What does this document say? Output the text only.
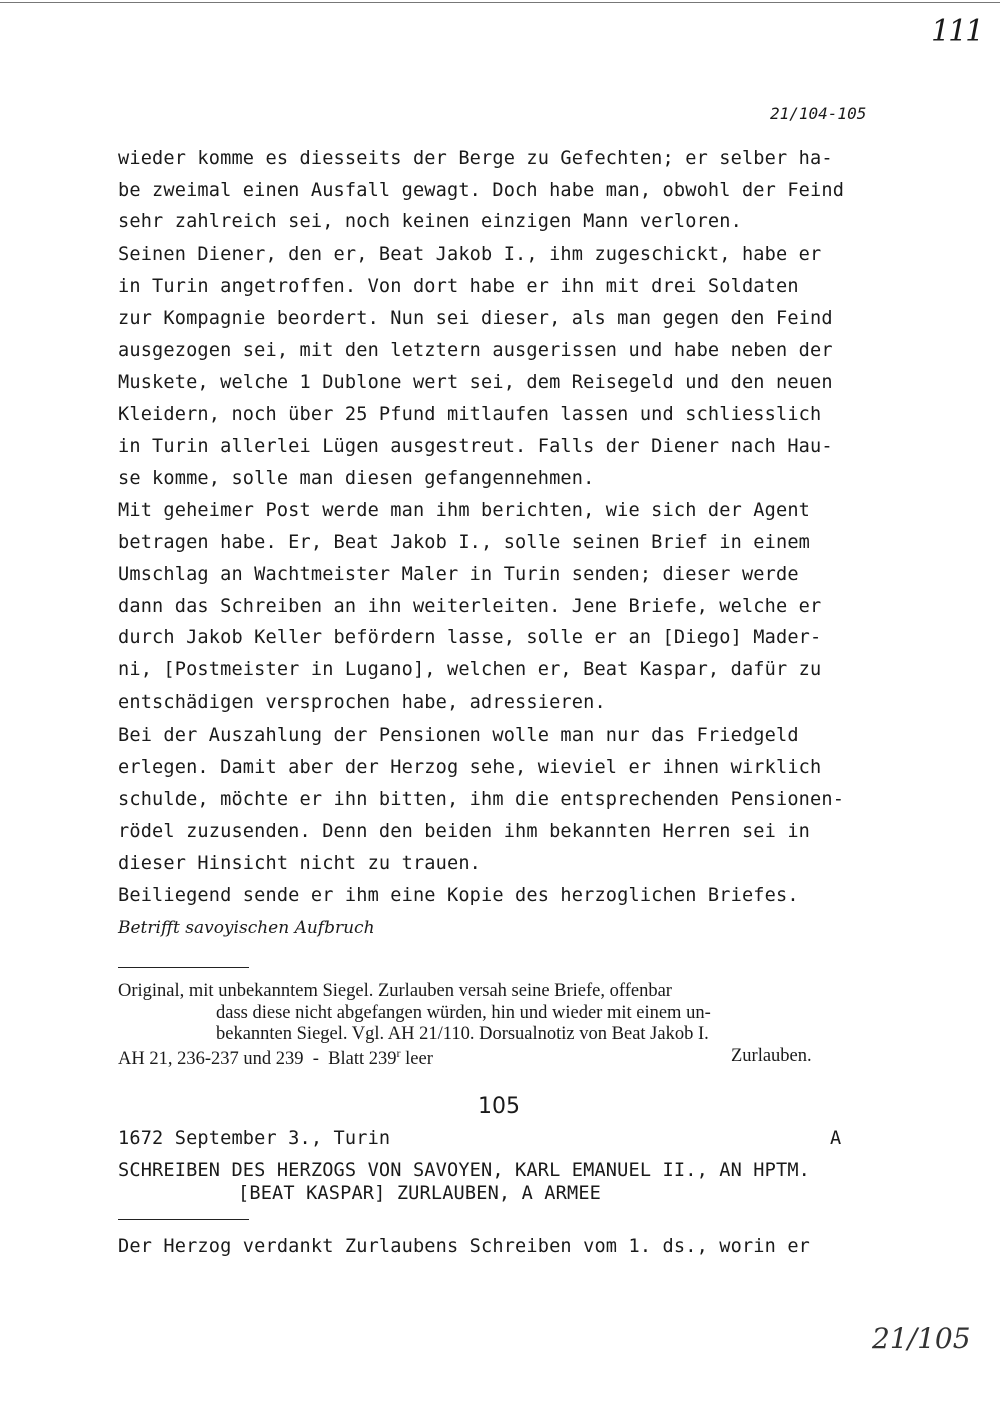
111
21/104-105
wieder komme es diesseits der Berge zu Gefechten; er selber ha-
be zweimal einen Ausfall gewagt. Doch habe man, obwohl der Feind
sehr zahlreich sei, noch keinen einzigen Mann verloren.
Seinen Diener, den er, Beat Jakob I., ihm zugeschickt, habe er
in Turin angetroffen. Von dort habe er ihn mit drei Soldaten
zur Kompagnie beordert. Nun sei dieser, als man gegen den Feind
ausgezogen sei, mit den letztern ausgerissen und habe neben der
Muskete, welche 1 Dublone wert sei, dem Reisegeld und den neuen
Kleidern, noch über 25 Pfund mitlaufen lassen und schliesslich
in Turin allerlei Lügen ausgestreut. Falls der Diener nach Hau-
se komme, solle man diesen gefangennehmen.
Mit geheimer Post werde man ihm berichten, wie sich der Agent
betragen habe. Er, Beat Jakob I., solle seinen Brief in einem
Umschlag an Wachtmeister Maler in Turin senden; dieser werde
dann das Schreiben an ihn weiterleiten. Jene Briefe, welche er
durch Jakob Keller befördern lasse, solle er an [Diego] Mader-
ni, [Postmeister in Lugano], welchen er, Beat Kaspar, dafür zu
entschädigen versprochen habe, adressieren.
Bei der Auszahlung der Pensionen wolle man nur das Friedgeld
erlegen. Damit aber der Herzog sehe, wieviel er ihnen wirklich
schulde, möchte er ihn bitten, ihm die entsprechenden Pensionen-
rödel zuzusenden. Denn den beiden ihm bekannten Herren sei in
dieser Hinsicht nicht zu trauen.
Beiliegend sende er ihm eine Kopie des herzoglichen Briefes.
Betrifft savoyischen Aufbruch
Original, mit unbekanntem Siegel. Zurlauben versah seine Briefe, offenbar
dass diese nicht abgefangen würden, hin und wieder mit einem un-
bekannten Siegel. Vgl. AH 21/110. Dorsualnotiz von Beat Jakob I.
AH 21, 236-237 und 239  -  Blatt 239$^r$ leer	Zurlauben.
105
1672 September 3., Turin	A
SCHREIBEN DES HERZOGS VON SAVOYEN, KARL EMANUEL II., AN HPTM.
[BEAT KASPAR] ZURLAUBEN, A ARMEE
Der Herzog verdankt Zurlaubens Schreiben vom 1. ds., worin er
21/105
